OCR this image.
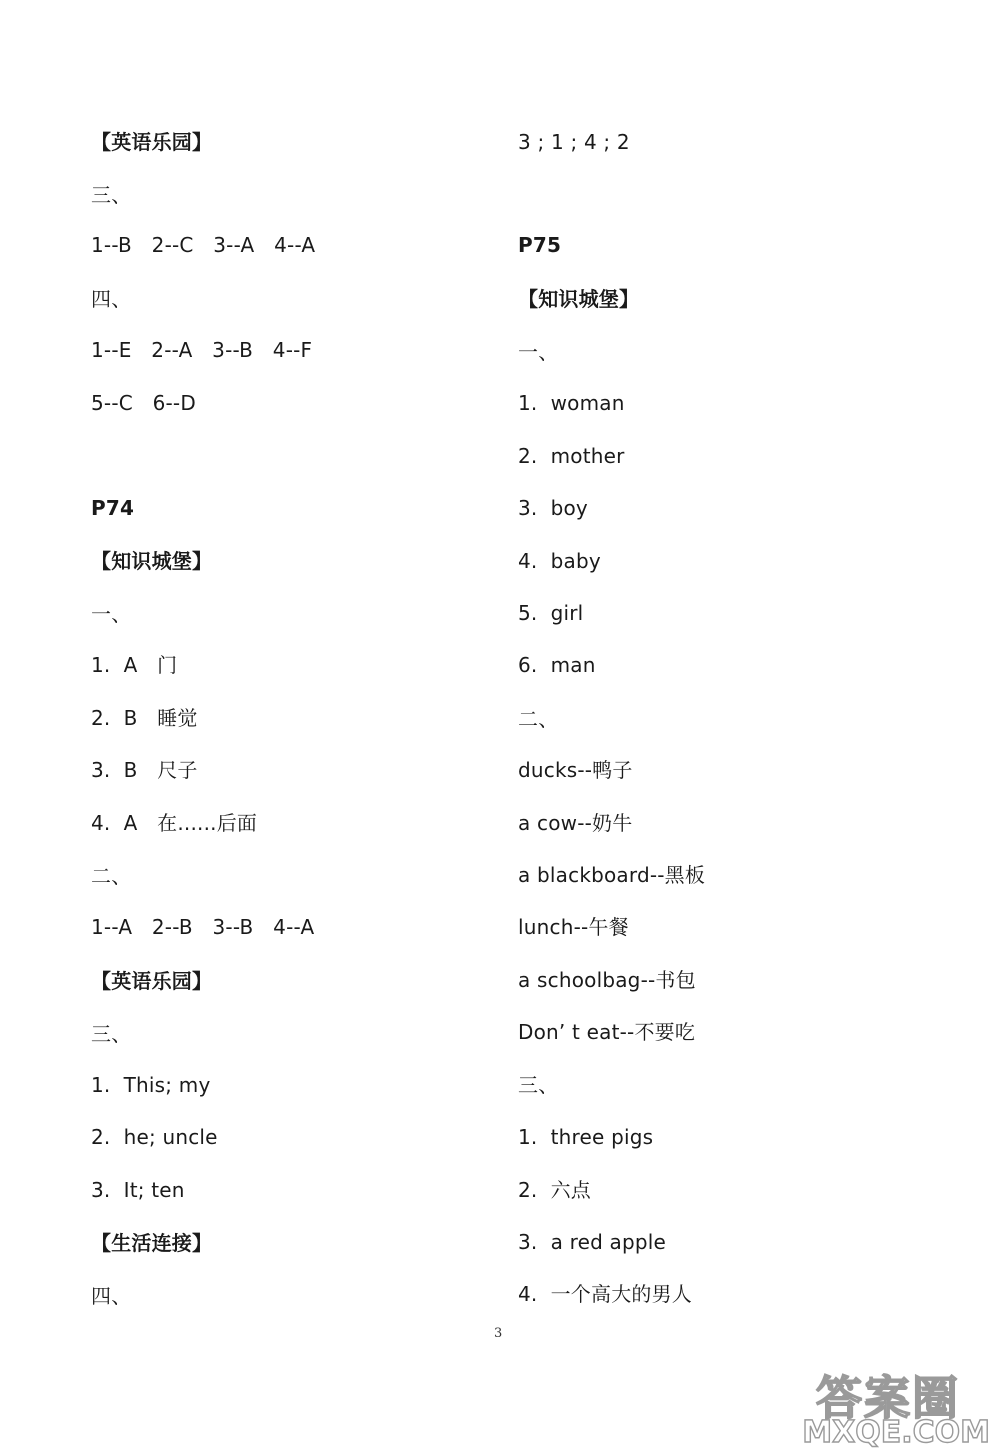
【英语乐园】
三、
1--B   2--C   3--A   4--A
四、
1--E   2--A   3--B   4--F
5--C   6--D
P74
【知识城堡】
一、
1.  A   门
2.  B   睡觉
3.  B   尺子
4.  A   在......后面
二、
1--A   2--B   3--B   4--A
【英语乐园】
三、
1.  This; my
2.  he; uncle
3.  It; ten
【生活连接】
四、
3 ; 1 ; 4 ; 2
P75
【知识城堡】
一、
1.  woman
2.  mother
3.  boy
4.  baby
5.  girl
6.  man
二、
ducks--鸭子
a cow--奶牛
a blackboard--黑板
lunch--午餐
a schoolbag--书包
Don’ t eat--不要吃
三、
1.  three pigs
2.  六点
3.  a red apple
4.  一个高大的男人
3
答案圈
MXQE.COM
